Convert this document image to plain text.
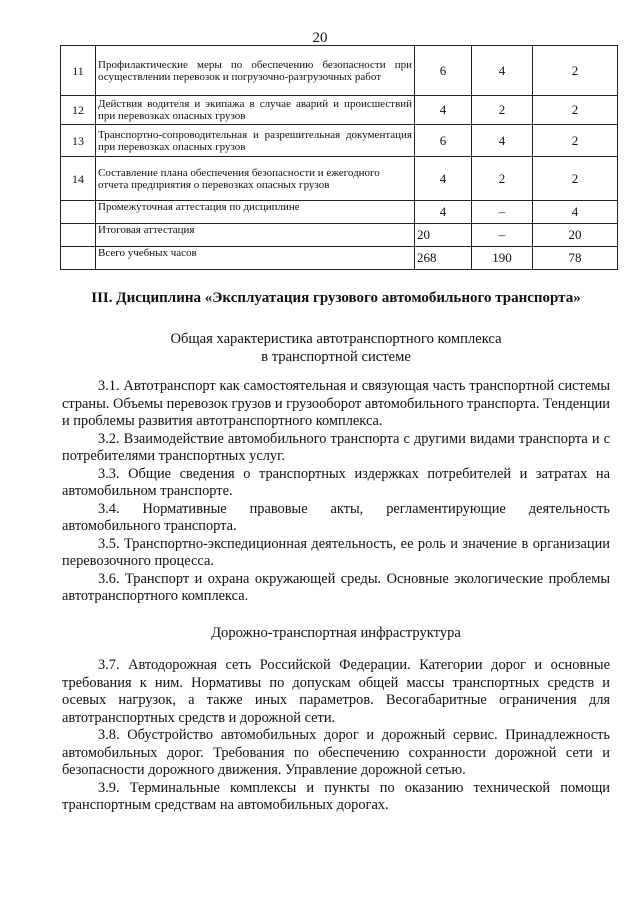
20
11	Профилактические меры по обеспечению безопасности при осуществлении перевозок и погрузочно-разгрузочных работ	6	4	2
12	Действия водителя и экипажа в случае аварий и происшествий при перевозках опасных грузов	4	2	2
13	Транспортно-сопроводительная и разрешительная документация при перевозках опасных грузов	6	4	2
14	Составление плана обеспечения безопасности и ежегодного отчета предприятия о перевозках опасных грузов	4	2	2
	Промежуточная аттестация по дисциплине	4	–	4
	Итоговая аттестация	20	–	20
	Всего учебных часов	268	190	78
III. Дисциплина «Эксплуатация грузового автомобильного транспорта»
Общая характеристика автотранспортного комплекса
в транспортной системе

3.1. Автотранспорт как самостоятельная и связующая часть транспортной системы страны. Объемы перевозок грузов и грузооборот автомобильного транспорта. Тенденции и проблемы развития автотранспортного комплекса.

3.2. Взаимодействие автомобильного транспорта с другими видами транспорта и с потребителями транспортных услуг.

3.3. Общие сведения о транспортных издержках потребителей и затратах на автомобильном транспорте.

3.4. Нормативные правовые акты, регламентирующие деятельность автомобильного транспорта.

3.5. Транспортно-экспедиционная деятельность, ее роль и значение в организации перевозочного процесса.

3.6. Транспорт и охрана окружающей среды. Основные экологические проблемы автотранспортного комплекса.

Дорожно-транспортная инфраструктура

3.7. Автодорожная сеть Российской Федерации. Категории дорог и основные требования к ним. Нормативы по допускам общей массы транспортных средств и осевых нагрузок, а также иных параметров. Весогабаритные ограничения для автотранспортных средств и дорожной сети.

3.8. Обустройство автомобильных дорог и дорожный сервис. Принадлежность автомобильных дорог. Требования по обеспечению сохранности дорожной сети и безопасности дорожного движения. Управление дорожной сетью.

3.9. Терминальные комплексы и пункты по оказанию технической помощи транспортным средствам на автомобильных дорогах.
